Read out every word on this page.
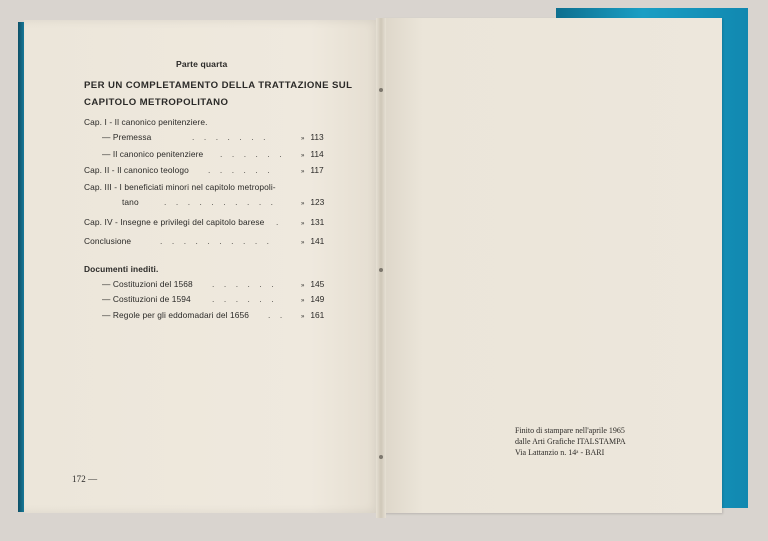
Parte quarta
PER UN COMPLETAMENTO DELLA TRATTAZIONE SUL
CAPITOLO METROPOLITANO
Cap. I - Il canonico penitenziere.
— Premessa	. . . . . . .	» 113
— Il canonico penitenziere . . . . . .	» 114
Cap. II - Il canonico teologo . . . . . .	» 117
Cap. III - I beneficiati minori nel capitolo metropoli-
tano	. . . . . . . . . .	» 123
Cap. IV - Insegne e privilegi del capitolo barese .	» 131
Conclusione	. . . . . . . . . .	» 141
Documenti inediti.
— Costituzioni del 1568 . . . . . .	» 145
— Costituzioni de 1594	. . . . . .	» 149
— Regole per gli eddomadari del 1656 . .	» 161
172 —
Finito di stampare nell'aprile 1965
dalle Arti Grafiche ITALSTAMPA
Via Lattanzio n. 14ᵃ - BARI
